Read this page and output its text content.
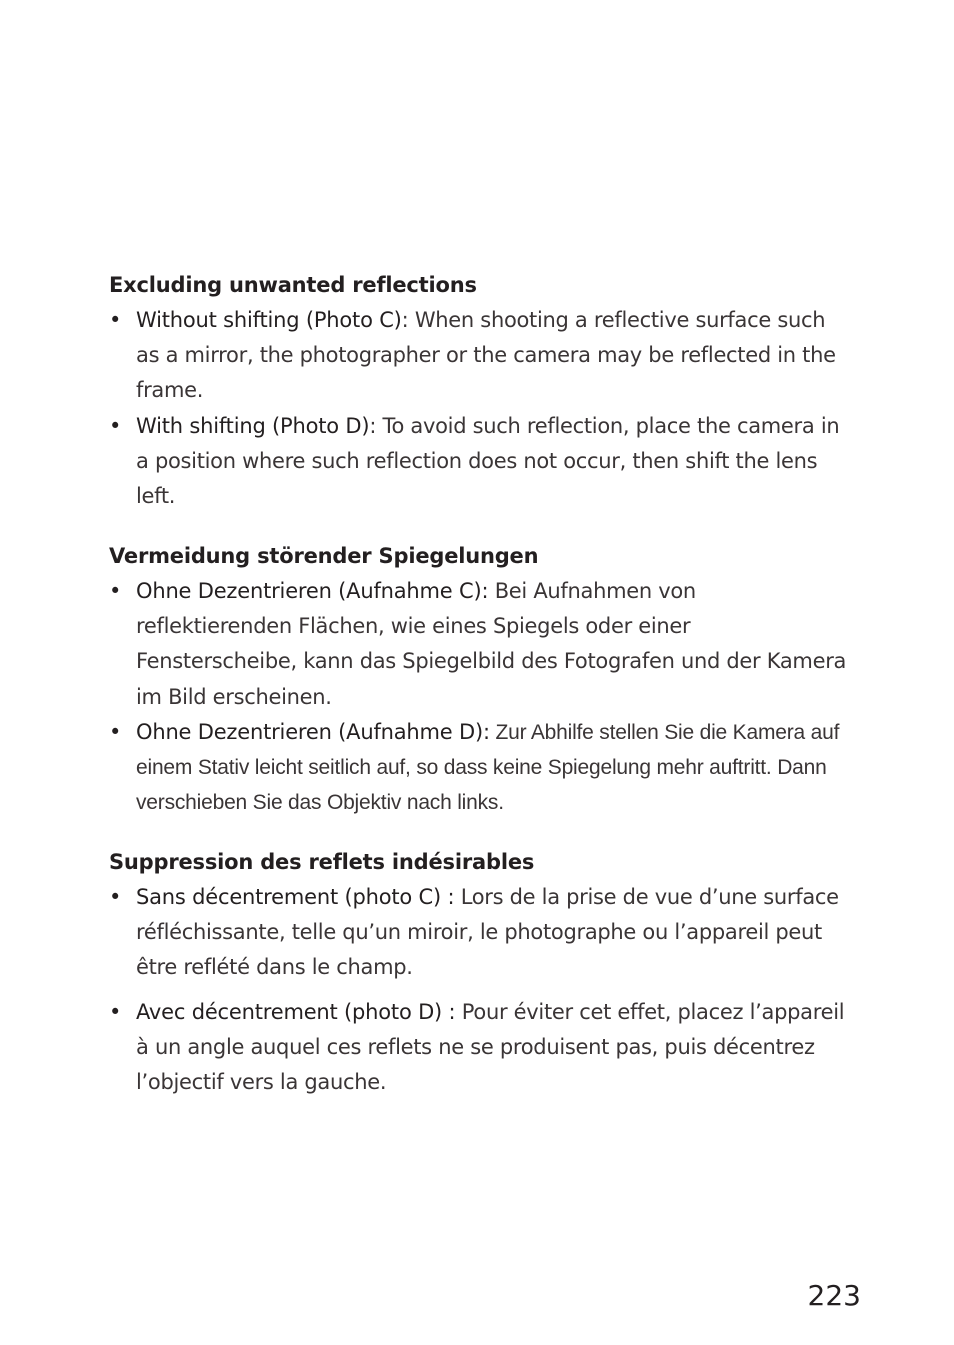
Excluding unwanted reflections
• Without shifting (Photo C): When shooting a reflective surface such as a mirror, the photographer or the camera may be reflected in the frame.
• With shifting (Photo D): To avoid such reflection, place the camera in a position where such reflection does not occur, then shift the lens left.
Vermeidung störender Spiegelungen
• Ohne Dezentrieren (Aufnahme C): Bei Aufnahmen von reflektierenden Flächen, wie eines Spiegels oder einer Fensterscheibe, kann das Spiegelbild des Fotografen und der Kamera im Bild erscheinen.
• Ohne Dezentrieren (Aufnahme D): Zur Abhilfe stellen Sie die Kamera auf einem Stativ leicht seitlich auf, so dass keine Spiegelung mehr auftritt. Dann verschieben Sie das Objektiv nach links.
Suppression des reflets indésirables
• Sans décentrement (photo C) : Lors de la prise de vue d’une surface réfléchissante, telle qu’un miroir, le photographe ou l’appareil peut être reflété dans le champ.
• Avec décentrement (photo D) : Pour éviter cet effet, placez l’appareil à un angle auquel ces reflets ne se produisent pas, puis décentrez l’objectif vers la gauche.
223
